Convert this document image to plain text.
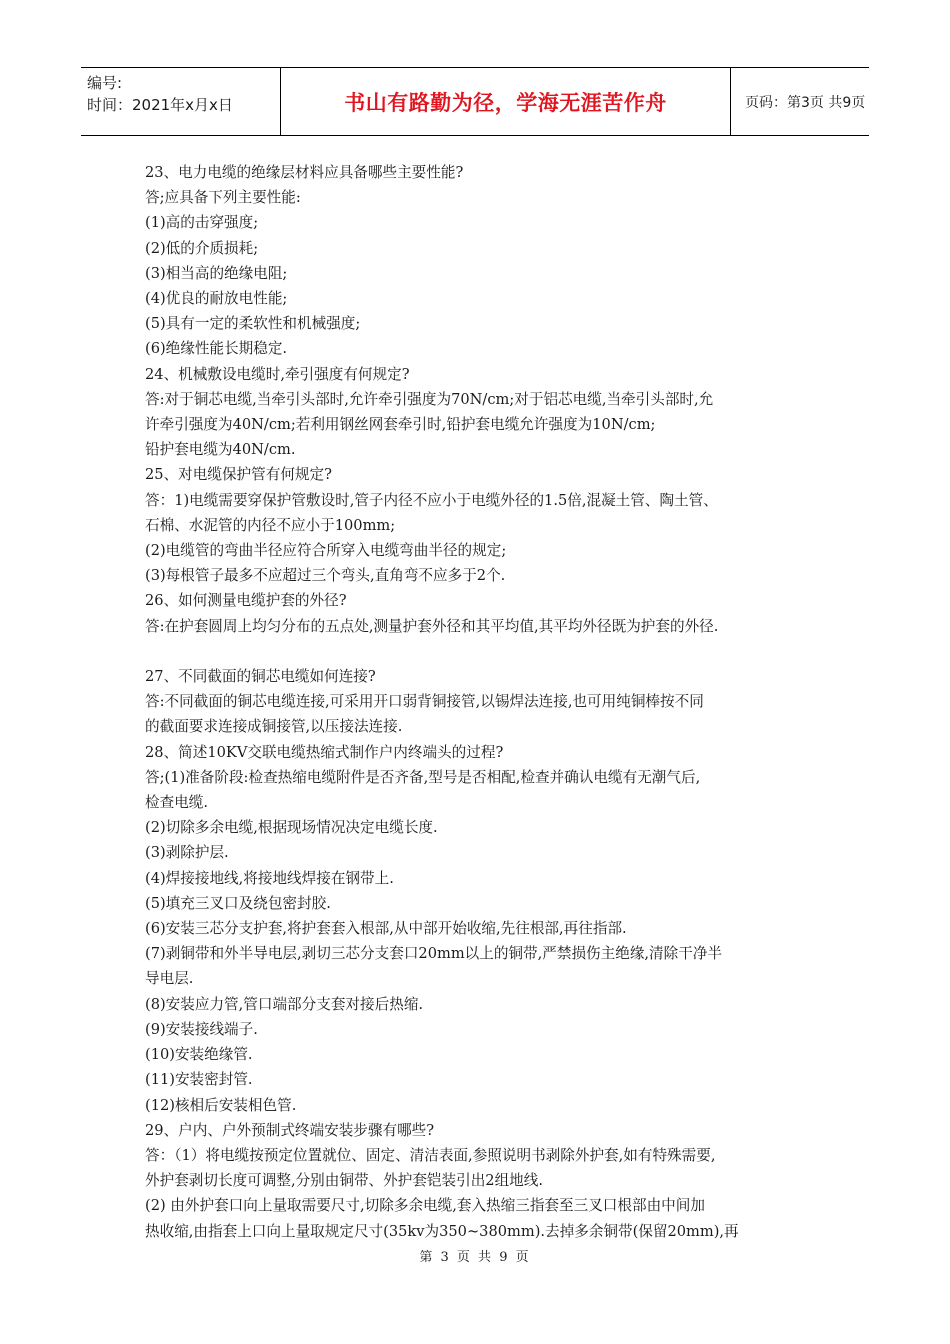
编号:
时间：2021年x月x日	书山有路勤为径，学海无涯苦作舟	页码：第3页 共9页

23、电力电缆的绝缘层材料应具备哪些主要性能?

答;应具备下列主要性能:

(1)高的击穿强度;

(2)低的介质损耗;

(3)相当高的绝缘电阻;

(4)优良的耐放电性能;

(5)具有一定的柔软性和机械强度;

(6)绝缘性能长期稳定.

24、机械敷设电缆时,牵引强度有何规定?

答:对于铜芯电缆,当牵引头部时,允许牵引强度为70N/cm;对于铝芯电缆,当牵引头部时,允

许牵引强度为40N/cm;若利用钢丝网套牵引时,铅护套电缆允许强度为10N/cm;

铅护套电缆为40N/cm.

25、对电缆保护管有何规定?

答：1)电缆需要穿保护管敷设时,管子内径不应小于电缆外径的1.5倍,混凝土管、陶土管、

石棉、水泥管的内径不应小于100mm;

(2)电缆管的弯曲半径应符合所穿入电缆弯曲半径的规定;

(3)每根管子最多不应超过三个弯头,直角弯不应多于2个.

26、如何测量电缆护套的外径?

答:在护套圆周上均匀分布的五点处,测量护套外径和其平均值,其平均外径既为护套的外径.

27、不同截面的铜芯电缆如何连接?

答:不同截面的铜芯电缆连接,可采用开口弱背铜接管,以锡焊法连接,也可用纯铜棒按不同

的截面要求连接成铜接管,以压接法连接.

28、简述10KV交联电缆热缩式制作户内终端头的过程?

答;(1)准备阶段:检查热缩电缆附件是否齐备,型号是否相配,检查并确认电缆有无潮气后,

检查电缆.

(2)切除多余电缆,根据现场情况决定电缆长度.

(3)剥除护层.

(4)焊接接地线,将接地线焊接在钢带上.

(5)填充三叉口及绕包密封胶.

(6)安装三芯分支护套,将护套套入根部,从中部开始收缩,先往根部,再往指部.

(7)剥铜带和外半导电层,剥切三芯分支套口20mm以上的铜带,严禁损伤主绝缘,清除干净半

导电层.

(8)安装应力管,管口端部分支套对接后热缩.

(9)安装接线端子.

(10)安装绝缘管.

(11)安装密封管.

(12)核相后安装相色管.

29、户内、户外预制式终端安装步骤有哪些?

答：（1）将电缆按预定位置就位、固定、清洁表面,参照说明书剥除外护套,如有特殊需要,

外护套剥切长度可调整,分别由铜带、外护套铠装引出2组地线.

(2) 由外护套口向上量取需要尺寸,切除多余电缆,套入热缩三指套至三叉口根部由中间加

热收缩,由指套上口向上量取规定尺寸(35kv为350~380mm).去掉多余铜带(保留20mm),再

第 3 页 共 9 页
